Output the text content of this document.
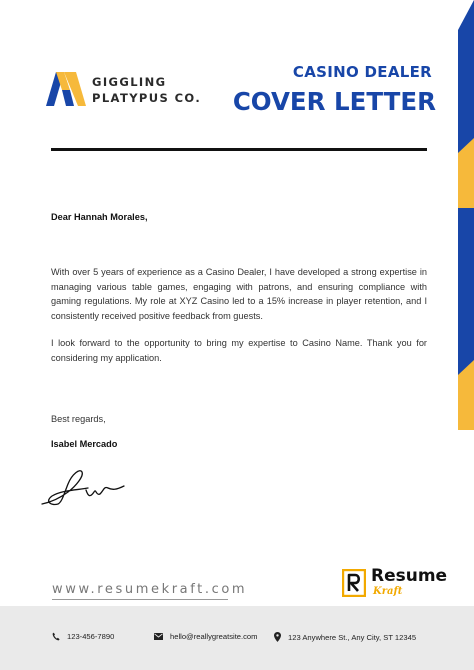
GIGGLING
PLATYPUS CO.
CASINO DEALER
COVER LETTER
Dear Hannah Morales,

With over 5 years of experience as a Casino Dealer, I have developed a strong expertise in managing various table games, engaging with patrons, and ensuring compliance with gaming regulations. My role at XYZ Casino led to a 15% increase in player retention, and I consistently received positive feedback from guests.

I look forward to the opportunity to bring my expertise to Casino Name. Thank you for considering my application.

Best regards,
Isabel Mercado
www.resumekraft.com
Resume
Kraft
123-456-7890	hello@reallygreatsite.com	123 Anywhere St., Any City, ST 12345
